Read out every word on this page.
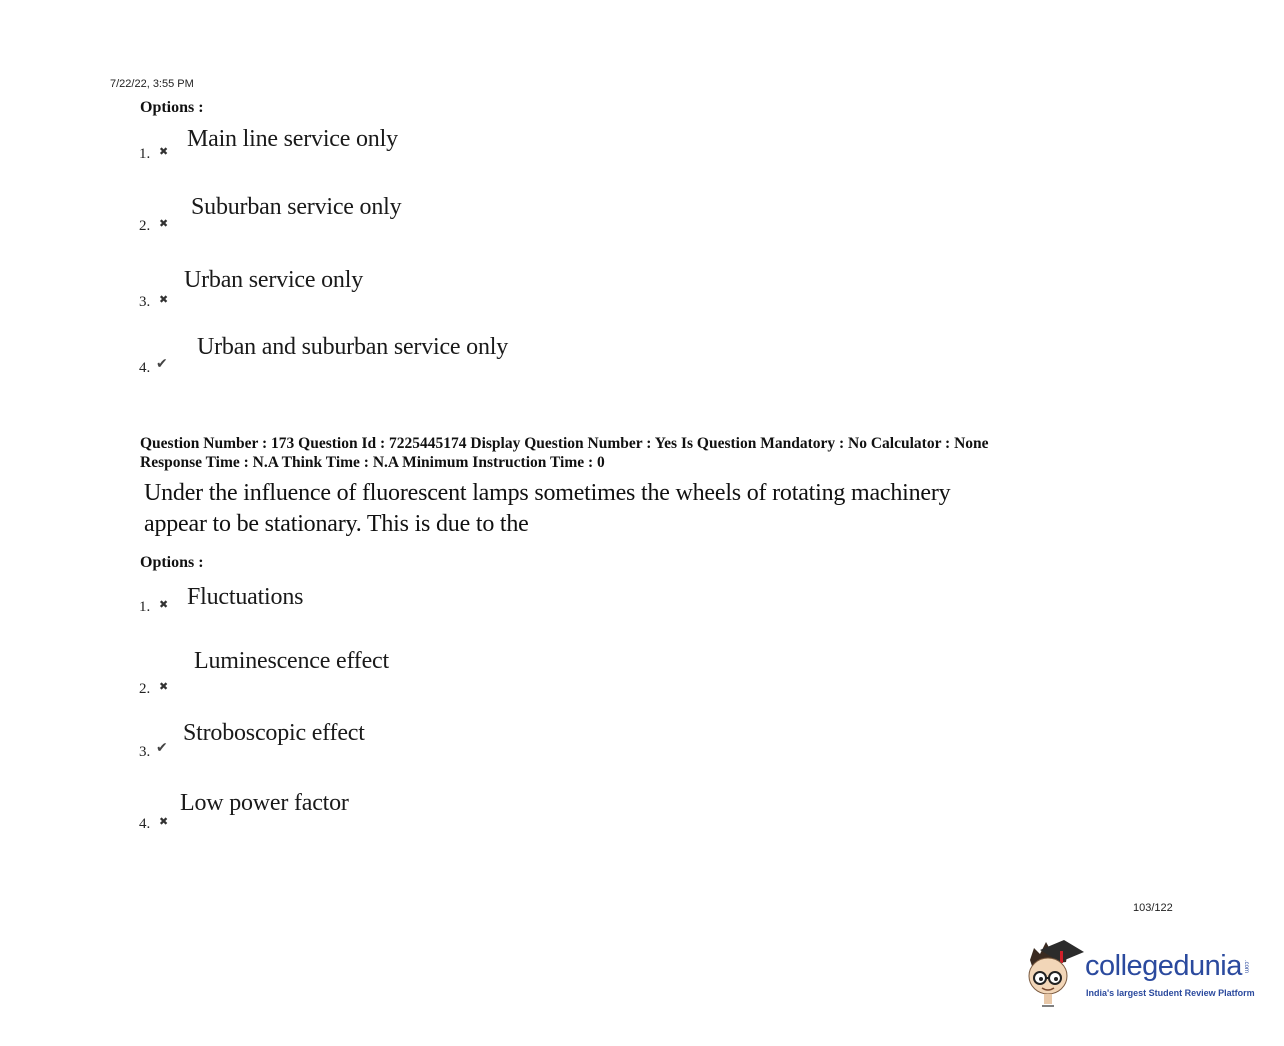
7/22/22, 3:55 PM
Options :
1. ✖ Main line service only
2. ✖
Suburban service only
3. ✖
Urban service only
4. ✔
Urban and suburban service only
Question Number : 173 Question Id : 7225445174 Display Question Number : Yes Is Question Mandatory : No Calculator : None
Response Time : N.A Think Time : N.A Minimum Instruction Time : 0
Under the influence of fluorescent lamps sometimes the wheels of rotating machinery
appear to be stationary. This is due to the
Options :
1. ✖ Fluctuations
2. ✖
Luminescence effect
3. ✔
Stroboscopic effect
4. ✖
Low power factor
103/122
collegedunia .com
India's largest Student Review Platform
